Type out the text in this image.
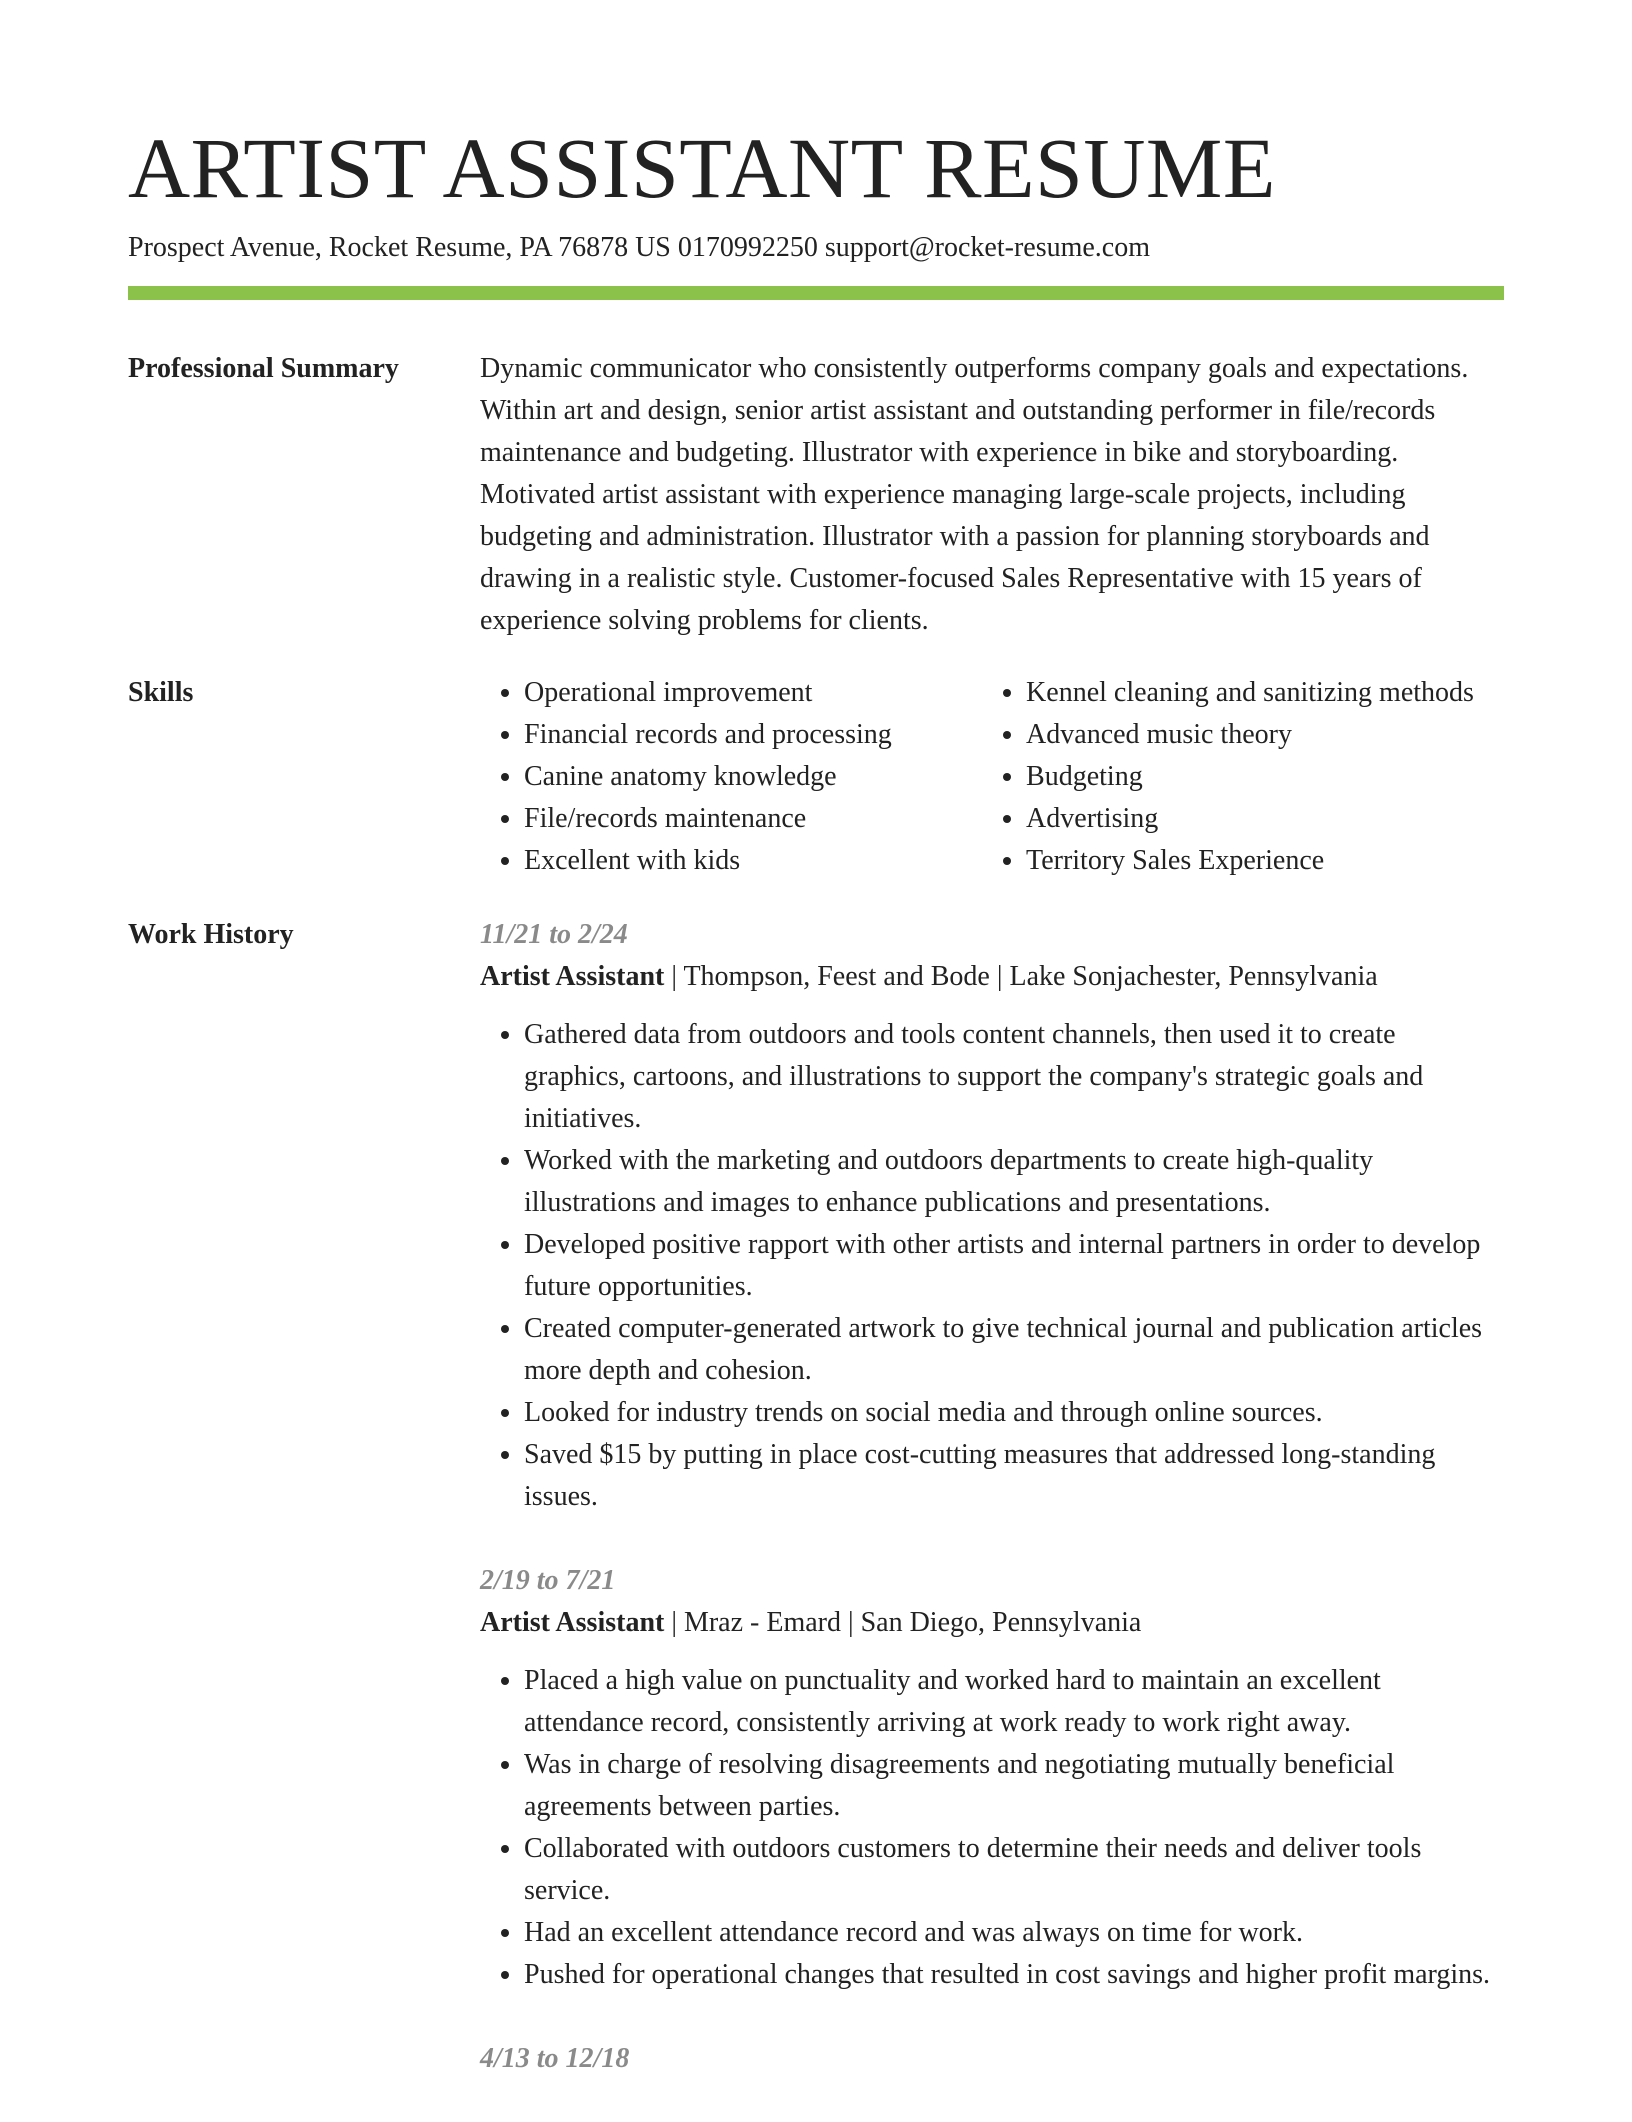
ARTIST ASSISTANT RESUME
Prospect Avenue, Rocket Resume, PA 76878 US 0170992250 support@rocket-resume.com
Professional Summary	Dynamic communicator who consistently outperforms company goals and expectations. Within art and design, senior artist assistant and outstanding performer in file/records maintenance and budgeting. Illustrator with experience in bike and storyboarding. Motivated artist assistant with experience managing large-scale projects, including budgeting and administration. Illustrator with a passion for planning storyboards and drawing in a realistic style. Customer-focused Sales Representative with 15 years of experience solving problems for clients.

Skills
•	Operational improvement
• Financial records and processing
• Canine anatomy knowledge
• File/records maintenance
• Excellent with kids
• Kennel cleaning and sanitizing methods
• Advanced music theory
• Budgeting
• Advertising
• Territory Sales Experience
Work History	11/21 to 2/24
Artist Assistant | Thompson, Feest and Bode | Lake Sonjachester, Pennsylvania
• Gathered data from outdoors and tools content channels, then used it to create graphics, cartoons, and illustrations to support the company's strategic goals and initiatives.
• Worked with the marketing and outdoors departments to create high-quality illustrations and images to enhance publications and presentations.
• Developed positive rapport with other artists and internal partners in order to develop future opportunities.
• Created computer-generated artwork to give technical journal and publication articles more depth and cohesion.
• Looked for industry trends on social media and through online sources.
• Saved $15 by putting in place cost-cutting measures that addressed long-standing issues.
2/19 to 7/21
Artist Assistant | Mraz - Emard | San Diego, Pennsylvania
• Placed a high value on punctuality and worked hard to maintain an excellent attendance record, consistently arriving at work ready to work right away.
• Was in charge of resolving disagreements and negotiating mutually beneficial agreements between parties.
• Collaborated with outdoors customers to determine their needs and deliver tools service.
• Had an excellent attendance record and was always on time for work.
• Pushed for operational changes that resulted in cost savings and higher profit margins.
4/13 to 12/18
